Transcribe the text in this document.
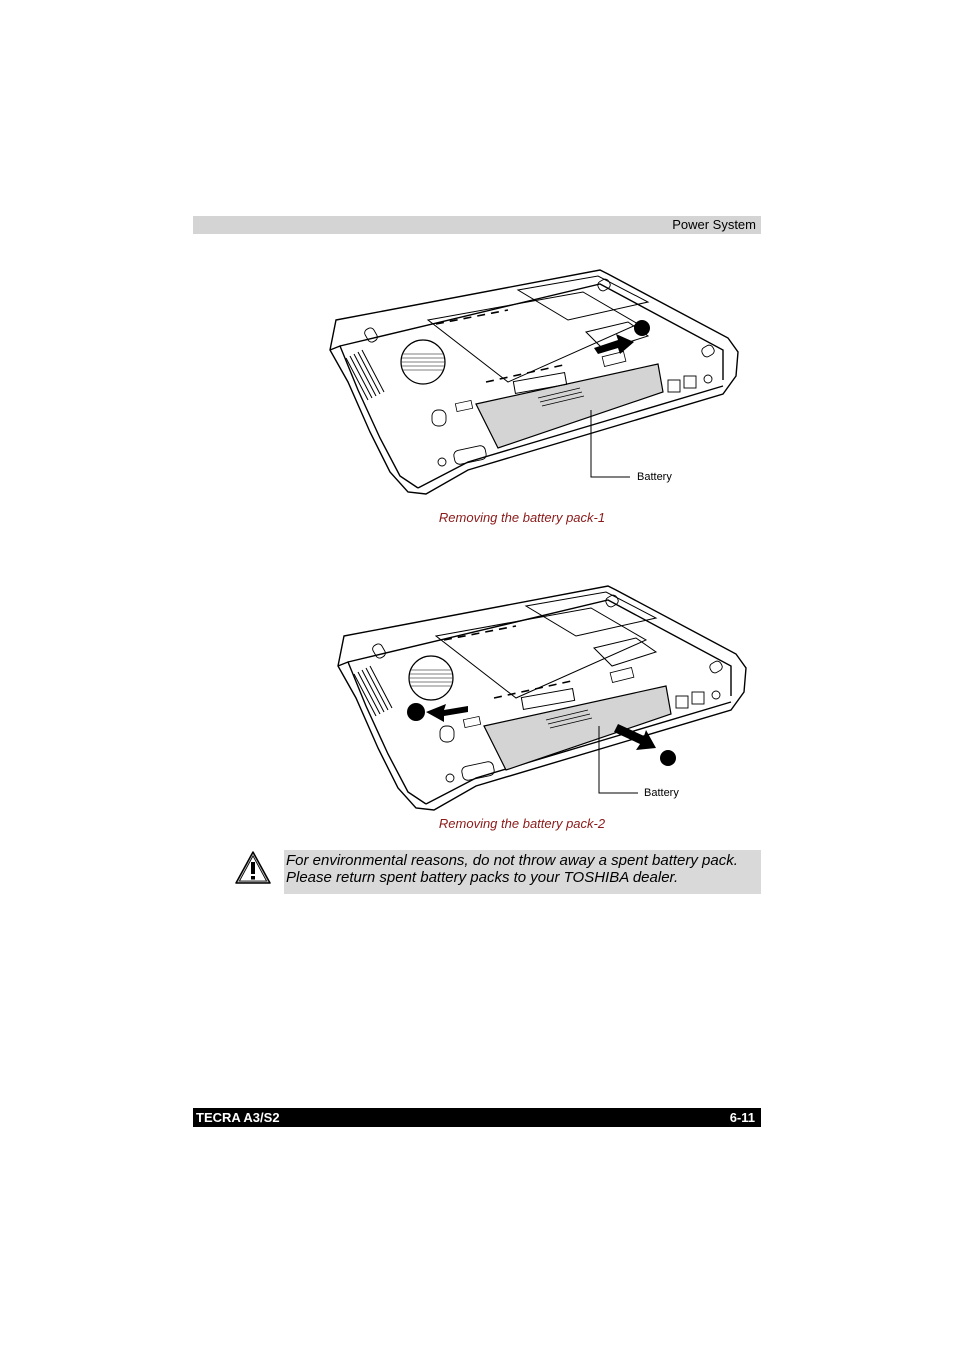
Power System
Battery
Removing the battery pack-1
Battery
Removing the battery pack-2
For environmental reasons, do not throw away a spent battery pack. Please return spent battery packs to your TOSHIBA dealer.
TECRA A3/S2	6-11
